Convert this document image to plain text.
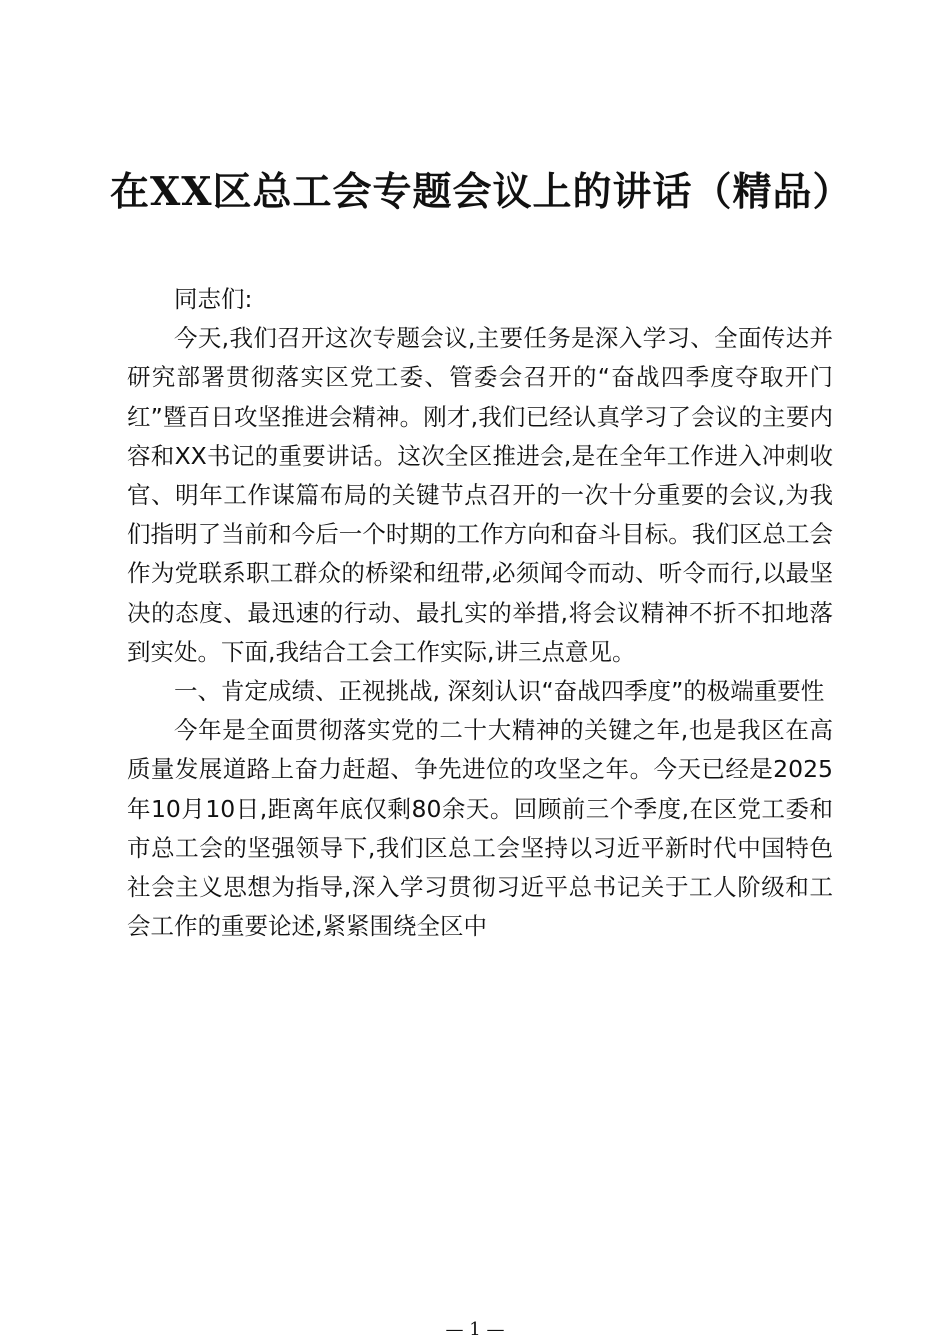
在XX区总工会专题会议上的讲话（精品）

同志们:

今天,我们召开这次专题会议,主要任务是深入学习、全面传达并研究部署贯彻落实区党工委、管委会召开的“奋战四季度夺取开门红”暨百日攻坚推进会精神。刚才,我们已经认真学习了会议的主要内容和XX书记的重要讲话。这次全区推进会,是在全年工作进入冲刺收官、明年工作谋篇布局的关键节点召开的一次十分重要的会议,为我们指明了当前和今后一个时期的工作方向和奋斗目标。我们区总工会作为党联系职工群众的桥梁和纽带,必须闻令而动、听令而行,以最坚决的态度、最迅速的行动、最扎实的举措,将会议精神不折不扣地落到实处。下面,我结合工会工作实际,讲三点意见。

一、肯定成绩、正视挑战, 深刻认识“奋战四季度”的极端重要性

今年是全面贯彻落实党的二十大精神的关键之年,也是我区在高质量发展道路上奋力赶超、争先进位的攻坚之年。今天已经是2025年10月10日,距离年底仅剩80余天。回顾前三个季度,在区党工委和市总工会的坚强领导下,我们区总工会坚持以习近平新时代中国特色社会主义思想为指导,深入学习贯彻习近平总书记关于工人阶级和工会工作的重要论述,紧紧围绕全区中

— 1 —
